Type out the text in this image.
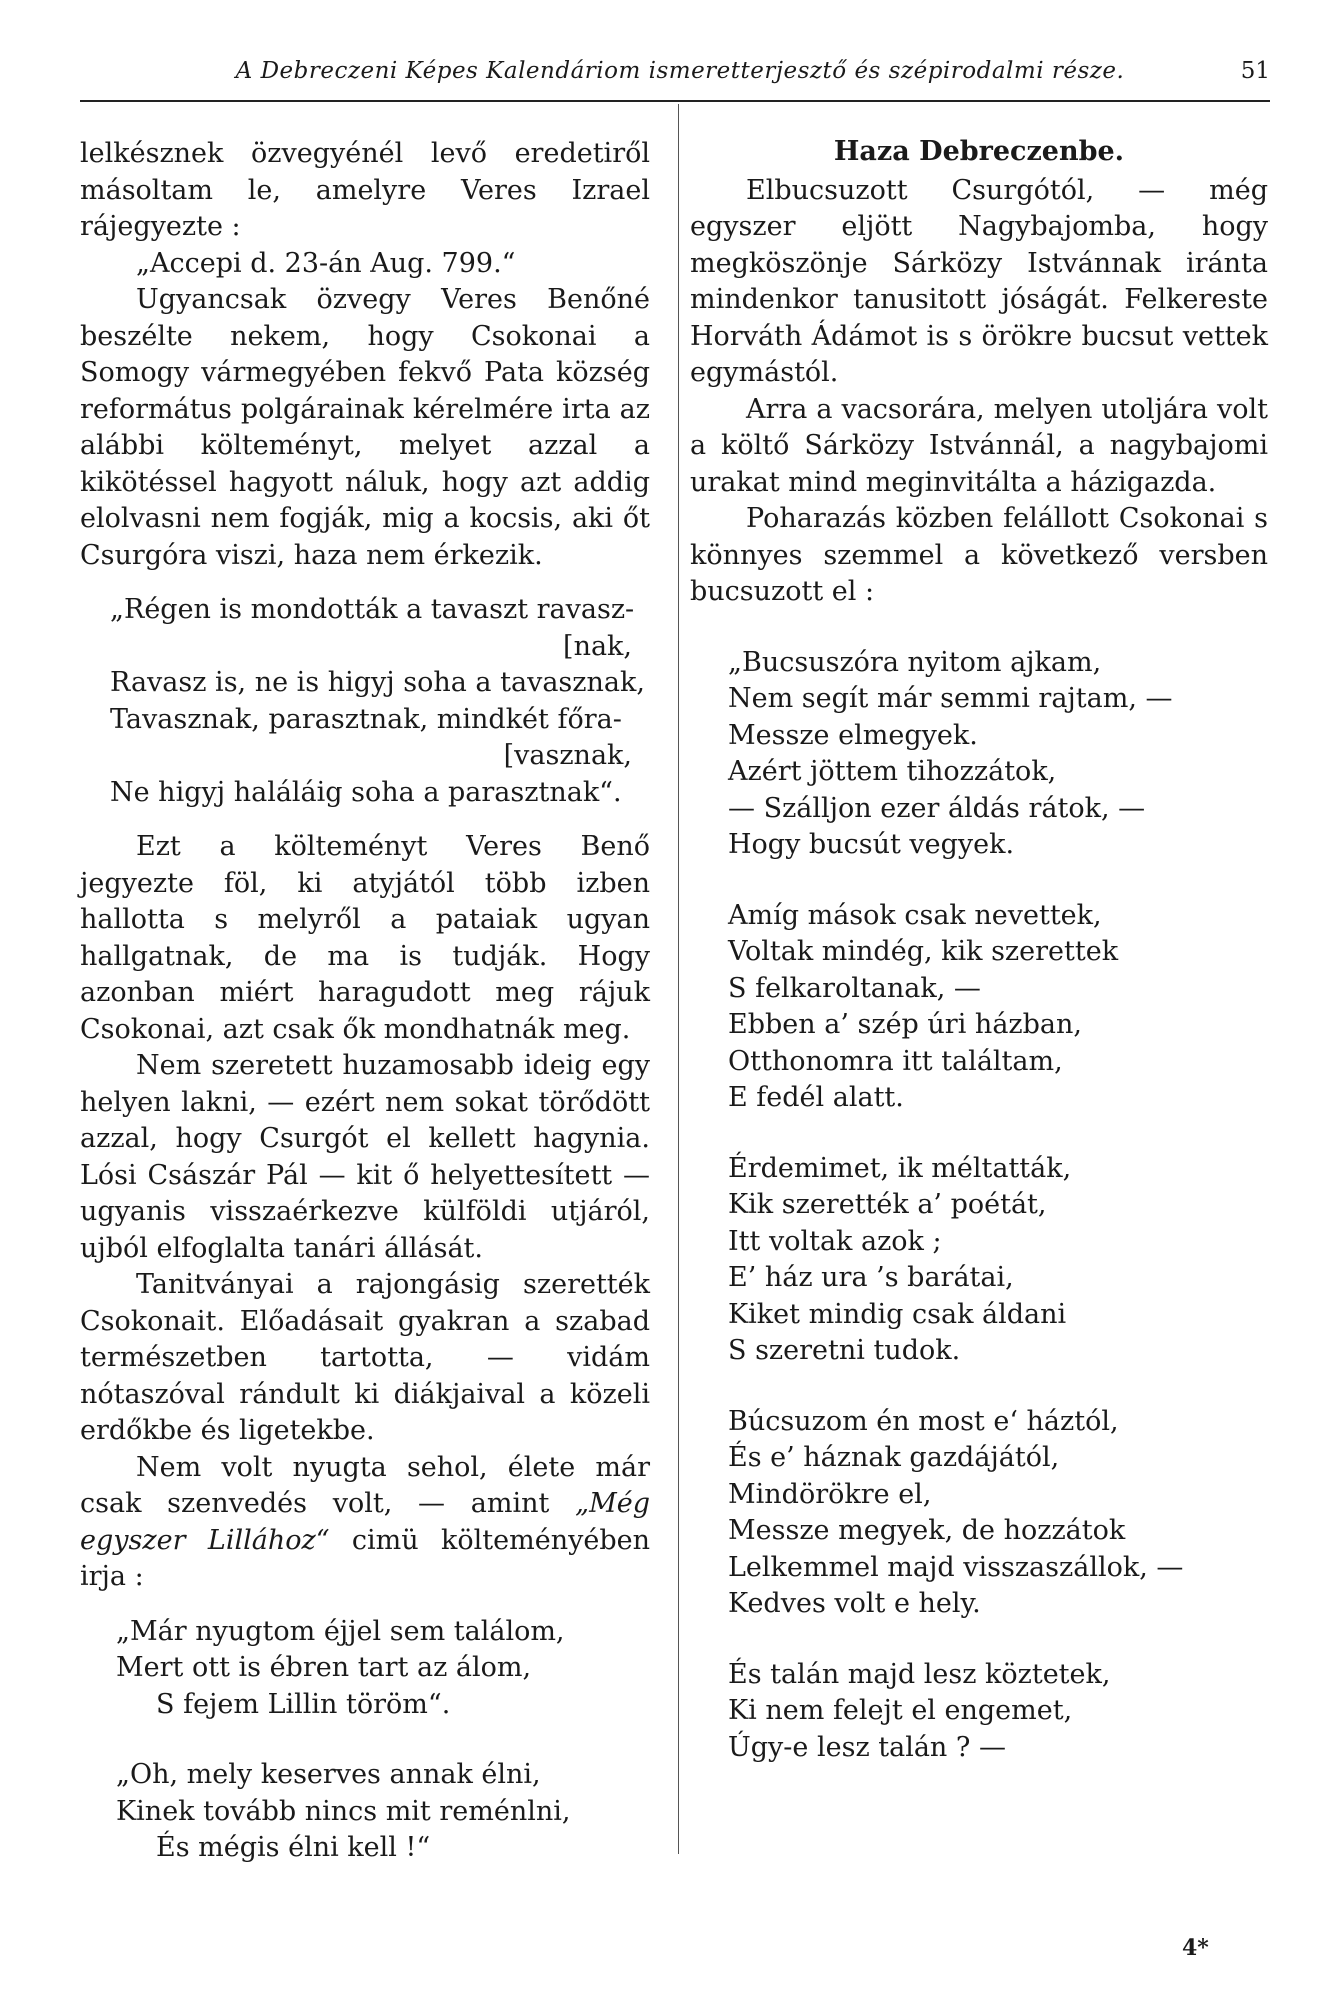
A Debreczeni Képes Kalendáriom ismeretterjesztő és szépirodalmi része.	51

lelkésznek özvegyénél levő eredetiről másoltam le, amelyre Veres Izrael rájegyezte :

„Accepi d. 23-án Aug. 799.“

Ugyancsak özvegy Veres Benőné beszélte nekem, hogy Csokonai a Somogy vármegyében fekvő Pata község református polgárainak kérelmére irta az alábbi költeményt, melyet azzal a kikötéssel hagyott náluk, hogy azt addig elolvasni nem fogják, mig a kocsis, aki őt Csurgóra viszi, haza nem érkezik.

„Régen is mondották a tavaszt ravasz-
[nak,
Ravasz is, ne is higyj soha a tavasznak,
Tavasznak, parasztnak, mindkét főra-
[vasznak,
Ne higyj haláláig soha a parasztnak“.

Ezt a költeményt Veres Benő jegyezte föl, ki atyjától több izben hallotta s melyről a pataiak ugyan hallgatnak, de ma is tudják. Hogy azonban miért haragudott meg rájuk Csokonai, azt csak ők mondhatnák meg.

Nem szeretett huzamosabb ideig egy helyen lakni, — ezért nem sokat törődött azzal, hogy Csurgót el kellett hagynia. Lósi Császár Pál — kit ő helyettesített — ugyanis visszaérkezve külföldi utjáról, ujból elfoglalta tanári állását.

Tanitványai a rajongásig szerették Csokonait. Előadásait gyakran a szabad természetben tartotta, — vidám nótaszóval rándult ki diákjaival a közeli erdőkbe és ligetekbe.

Nem volt nyugta sehol, élete már csak szenvedés volt, — amint „Még egyszer Lillához“ cimü költeményében irja :

„Már nyugtom éjjel sem találom,
Mert ott is ébren tart az álom,
S fejem Lillin töröm“.
„Oh, mely keserves annak élni,
Kinek tovább nincs mit reménlni,
És mégis élni kell !“
Haza Debreczenbe.

Elbucsuzott Csurgótól, — még egyszer eljött Nagybajomba, hogy megköszönje Sárközy Istvánnak iránta mindenkor tanusitott jóságát. Felkereste Horváth Ádámot is s örökre bucsut vettek egymástól.

Arra a vacsorára, melyen utoljára volt a költő Sárközy Istvánnál, a nagybajomi urakat mind meginvitálta a házigazda.

Poharazás közben felállott Csokonai s könnyes szemmel a következő versben bucsuzott el :

„Bucsuszóra nyitom ajkam,
Nem segít már semmi rajtam, —
Messze elmegyek.
Azért jöttem tihozzátok,
— Szálljon ezer áldás rátok, —
Hogy bucsút vegyek.
Amíg mások csak nevettek,
Voltak mindég, kik szerettek
S felkaroltanak, —
Ebben a’ szép úri házban,
Otthonomra itt találtam,
E fedél alatt.
Érdemimet, ik méltatták,
Kik szerették a’ poétát,
Itt voltak azok ;
E’ ház ura ’s barátai,
Kiket mindig csak áldani
S szeretni tudok.
Búcsuzom én most e‘ háztól,
És e’ háznak gazdájától,
Mindörökre el,
Messze megyek, de hozzátok
Lelkemmel majd visszaszállok, —
Kedves volt e hely.
És talán majd lesz köztetek,
Ki nem felejt el engemet,
Úgy-e lesz talán ? —
4*
